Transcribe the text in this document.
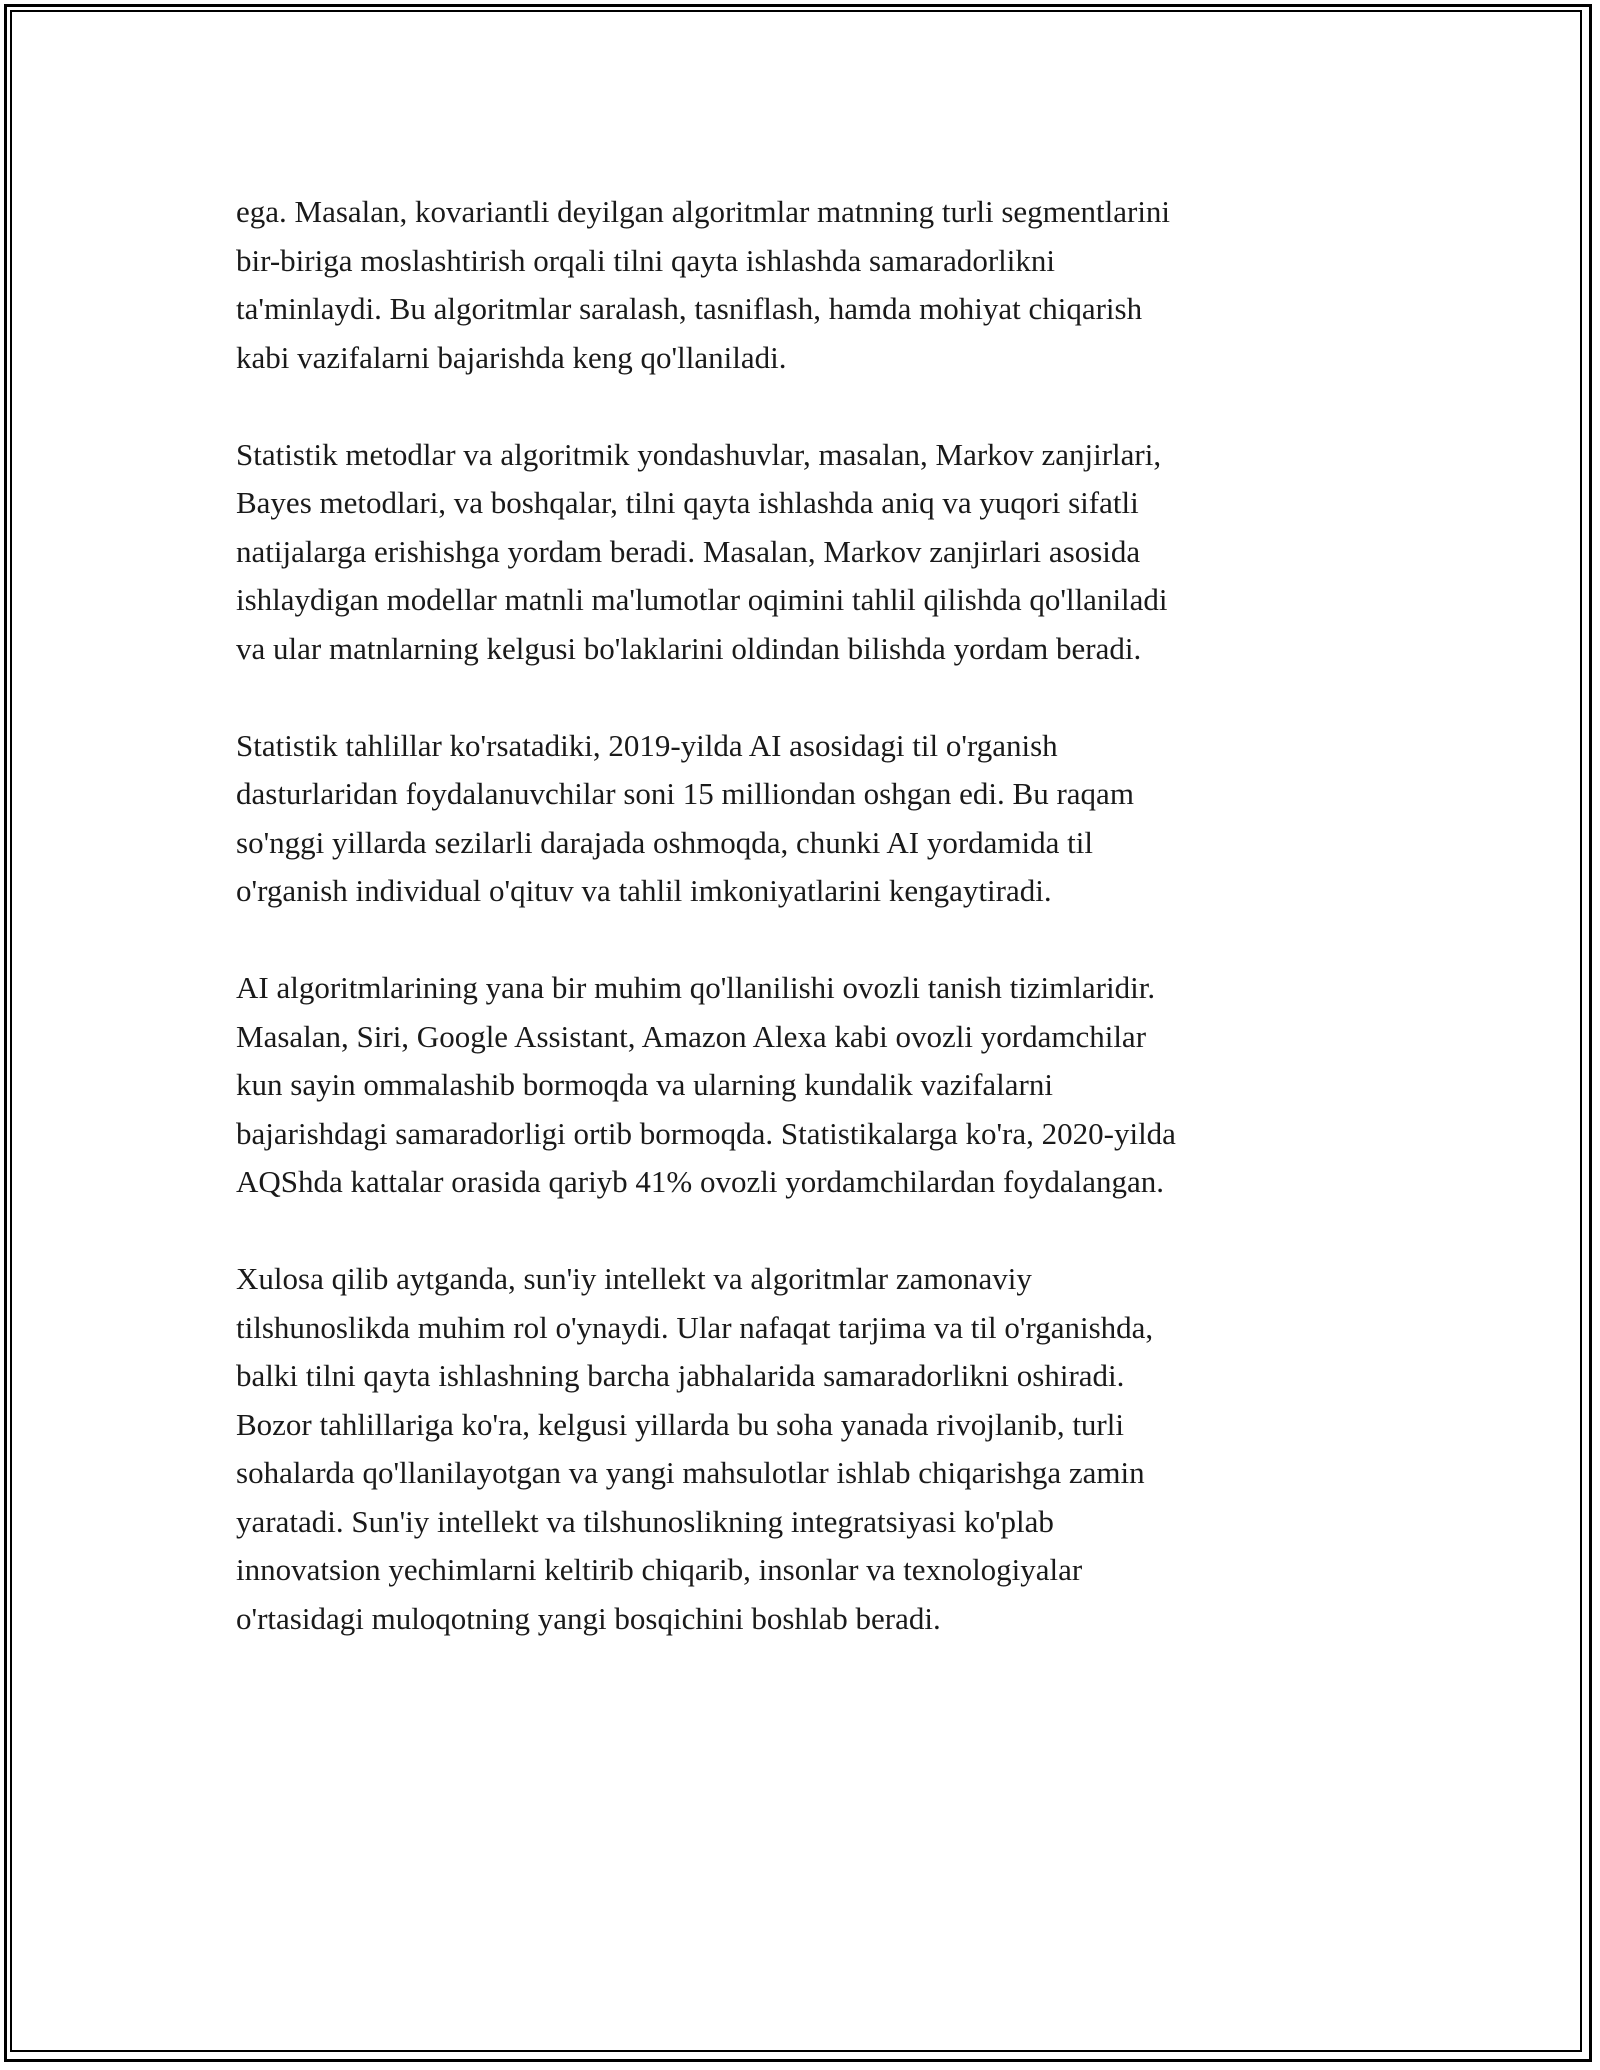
ega. Masalan, kovariantli deyilgan algoritmlar matnning turli segmentlarini
bir-biriga moslashtirish orqali tilni qayta ishlashda samaradorlikni
ta'minlaydi. Bu algoritmlar saralash, tasniflash, hamda mohiyat chiqarish
kabi vazifalarni bajarishda keng qo'llaniladi.

Statistik metodlar va algoritmik yondashuvlar, masalan, Markov zanjirlari,
Bayes metodlari, va boshqalar, tilni qayta ishlashda aniq va yuqori sifatli
natijalarga erishishga yordam beradi. Masalan, Markov zanjirlari asosida
ishlaydigan modellar matnli ma'lumotlar oqimini tahlil qilishda qo'llaniladi
va ular matnlarning kelgusi bo'laklarini oldindan bilishda yordam beradi.

Statistik tahlillar ko'rsatadiki, 2019-yilda AI asosidagi til o'rganish
dasturlaridan foydalanuvchilar soni 15 milliondan oshgan edi. Bu raqam
so'nggi yillarda sezilarli darajada oshmoqda, chunki AI yordamida til
o'rganish individual o'qituv va tahlil imkoniyatlarini kengaytiradi.

AI algoritmlarining yana bir muhim qo'llanilishi ovozli tanish tizimlaridir.
Masalan, Siri, Google Assistant, Amazon Alexa kabi ovozli yordamchilar
kun sayin ommalashib bormoqda va ularning kundalik vazifalarni
bajarishdagi samaradorligi ortib bormoqda. Statistikalarga ko'ra, 2020-yilda
AQShda kattalar orasida qariyb 41% ovozli yordamchilardan foydalangan.

Xulosa qilib aytganda, sun'iy intellekt va algoritmlar zamonaviy
tilshunoslikda muhim rol o'ynaydi. Ular nafaqat tarjima va til o'rganishda,
balki tilni qayta ishlashning barcha jabhalarida samaradorlikni oshiradi.
Bozor tahlillariga ko'ra, kelgusi yillarda bu soha yanada rivojlanib, turli
sohalarda qo'llanilayotgan va yangi mahsulotlar ishlab chiqarishga zamin
yaratadi. Sun'iy intellekt va tilshunoslikning integratsiyasi ko'plab
innovatsion yechimlarni keltirib chiqarib, insonlar va texnologiyalar
o'rtasidagi muloqotning yangi bosqichini boshlab beradi.
